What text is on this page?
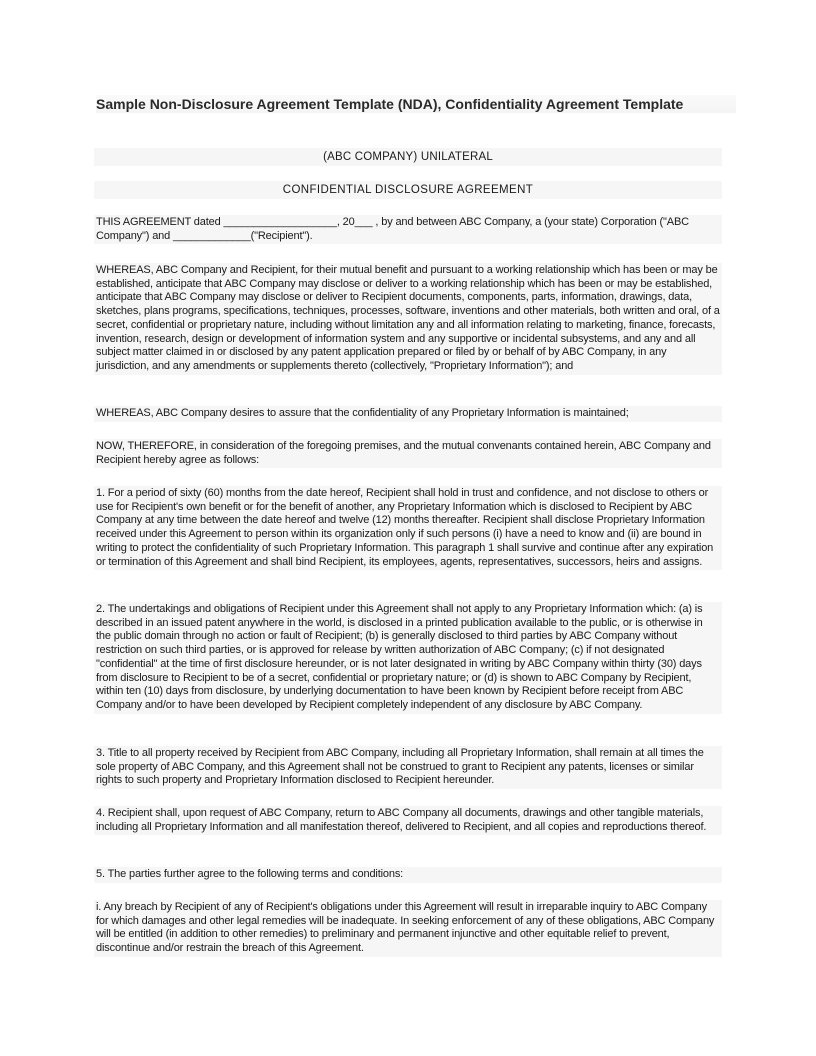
Sample Non-Disclosure Agreement Template (NDA), Confidentiality Agreement Template
(ABC COMPANY) UNILATERAL
CONFIDENTIAL DISCLOSURE AGREEMENT
THIS AGREEMENT dated ___________________, 20___ , by and between ABC Company, a (your state) Corporation ("ABC Company") and _____________("Recipient").
WHEREAS, ABC Company and Recipient, for their mutual benefit and pursuant to a working relationship which has been or may be established, anticipate that ABC Company may disclose or deliver to a working relationship which has been or may be established, anticipate that ABC Company may disclose or deliver to Recipient documents, components, parts, information, drawings, data, sketches, plans programs, specifications, techniques, processes, software, inventions and other materials, both written and oral, of a secret, confidential or proprietary nature, including without limitation any and all information relating to marketing, finance, forecasts, invention, research, design or development of information system and any supportive or incidental subsystems, and any and all subject matter claimed in or disclosed by any patent application prepared or filed by or behalf of by ABC Company, in any jurisdiction, and any amendments or supplements thereto (collectively, "Proprietary Information"); and
WHEREAS, ABC Company desires to assure that the confidentiality of any Proprietary Information is maintained;
NOW, THEREFORE, in consideration of the foregoing premises, and the mutual convenants contained herein, ABC Company and Recipient hereby agree as follows:
1. For a period of sixty (60) months from the date hereof, Recipient shall hold in trust and confidence, and not disclose to others or use for Recipient's own benefit or for the benefit of another, any Proprietary Information which is disclosed to Recipient by ABC Company at any time between the date hereof and twelve (12) months thereafter. Recipient shall disclose Proprietary Information received under this Agreement to person within its organization only if such persons (i) have a need to know and (ii) are bound in writing to protect the confidentiality of such Proprietary Information. This paragraph 1 shall survive and continue after any expiration or termination of this Agreement and shall bind Recipient, its employees, agents, representatives, successors, heirs and assigns.
2. The undertakings and obligations of Recipient under this Agreement shall not apply to any Proprietary Information which: (a) is described in an issued patent anywhere in the world, is disclosed in a printed publication available to the public, or is otherwise in the public domain through no action or fault of Recipient; (b) is generally disclosed to third parties by ABC Company without restriction on such third parties, or is approved for release by written authorization of ABC Company; (c) if not designated "confidential" at the time of first disclosure hereunder, or is not later designated in writing by ABC Company within thirty (30) days from disclosure to Recipient to be of a secret, confidential or proprietary nature; or (d) is shown to ABC Company by Recipient, within ten (10) days from disclosure, by underlying documentation to have been known by Recipient before receipt from ABC Company and/or to have been developed by Recipient completely independent of any disclosure by ABC Company.
3. Title to all property received by Recipient from ABC Company, including all Proprietary Information, shall remain at all times the sole property of ABC Company, and this Agreement shall not be construed to grant to Recipient any patents, licenses or similar rights to such property and Proprietary Information disclosed to Recipient hereunder.
4. Recipient shall, upon request of ABC Company, return to ABC Company all documents, drawings and other tangible materials, including all Proprietary Information and all manifestation thereof, delivered to Recipient, and all copies and reproductions thereof.
5. The parties further agree to the following terms and conditions:
i. Any breach by Recipient of any of Recipient's obligations under this Agreement will result in irreparable inquiry to ABC Company for which damages and other legal remedies will be inadequate. In seeking enforcement of any of these obligations, ABC Company will be entitled (in addition to other remedies) to preliminary and permanent injunctive and other equitable relief to prevent, discontinue and/or restrain the breach of this Agreement.
